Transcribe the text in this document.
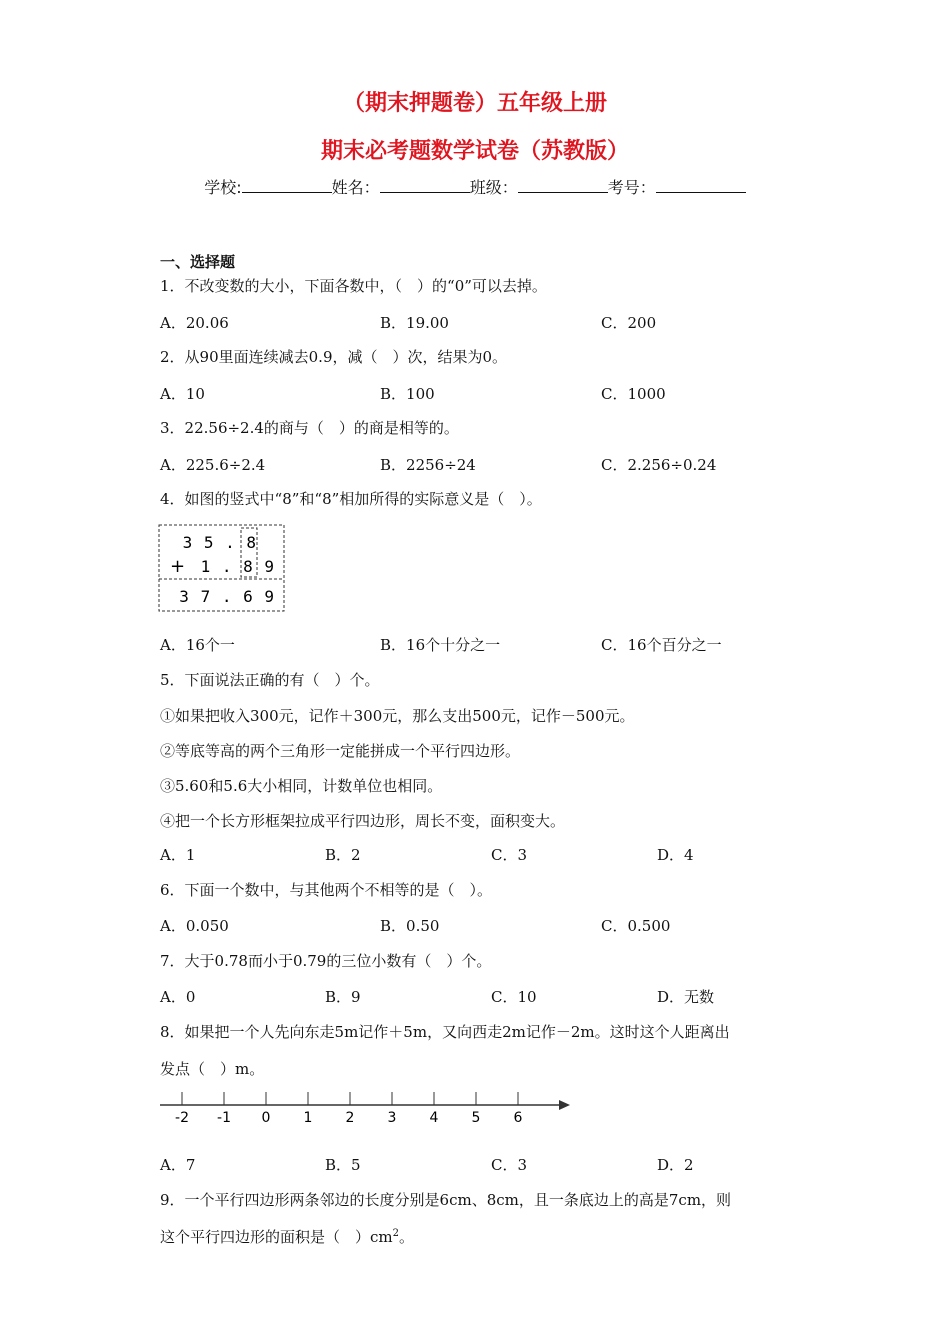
（期末押题卷）五年级上册
期末必考题数学试卷（苏教版）
学校:	姓名：	班级：	考号：
一、选择题
1．不改变数的大小，下面各数中，（　）的“0”可以去掉。
A．20.06	B．19.00	C．200
2．从90里面连续减去0.9，减（　）次，结果为0。
A．10	B．100	C．1000
3．22.56÷2.4的商与（　）的商是相等的。
A．225.6÷2.4	B．2256÷24	C．2.256÷0.24
4．如图的竖式中“8”和“8”相加所得的实际意义是（　）。
3 5 . 8
+ 1 . 8 9
3 7 . 6 9
A．16个一	B．16个十分之一	C．16个百分之一
5．下面说法正确的有（　）个。
①如果把收入300元，记作＋300元，那么支出500元，记作－500元。
②等底等高的两个三角形一定能拼成一个平行四边形。
③5.60和5.6大小相同，计数单位也相同。
④把一个长方形框架拉成平行四边形，周长不变，面积变大。
A．1	B．2	C．3	D．4
6．下面一个数中，与其他两个不相等的是（　）。
A．0.050	B．0.50	C．0.500
7．大于0.78而小于0.79的三位小数有（　）个。
A．0	B．9	C．10	D．无数
8．如果把一个人先向东走5m记作＋5m，又向西走2m记作－2m。这时这个人距离出
发点（　）m。
-2 -1 0 1 2 3 4 5 6
A．7	B．5	C．3	D．2
9．一个平行四边形两条邻边的长度分别是6cm、8cm，且一条底边上的高是7cm，则
这个平行四边形的面积是（　）$cm^2$。
